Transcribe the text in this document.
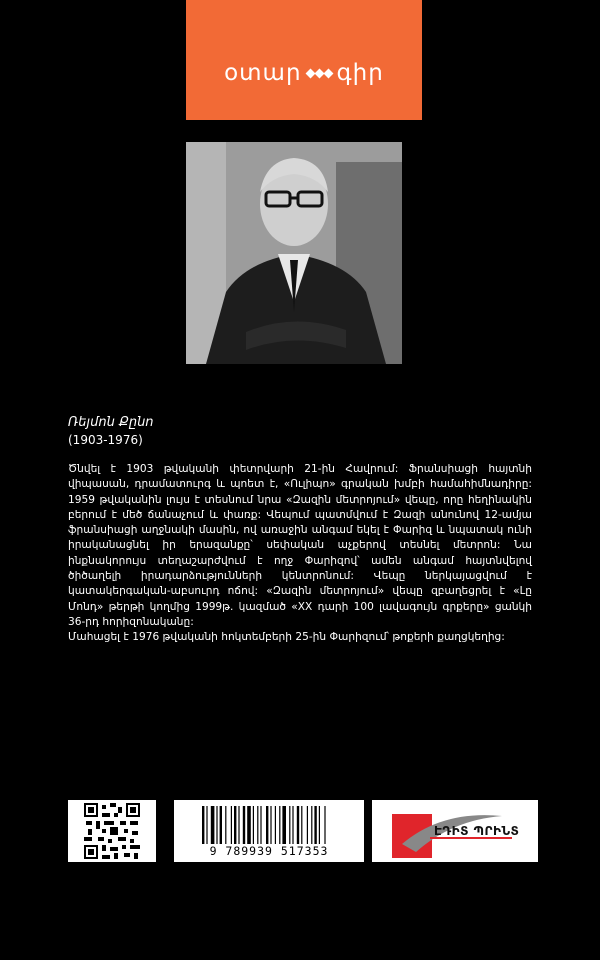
օտար գիր
Ռեյմոն Քընո
(1903-1976)

Ծնվել է 1903 թվականի փետրվարի 21-ին Հավրում: Ֆրանսիացի հայտնի վիպասան, դրամատուրգ և պոետ է, «Ուլիպո» գրական խմբի համահիմնադիրը: 1959 թվականին լույս է տեսնում նրա «Զազին մետրոյում» վեպը, որը հեղինակին բերում է մեծ ճանաչում և փառք: Վեպում պատմվում է Զազի անունով 12-ամյա ֆրանսիացի աղջնակի մասին, ով առաջին անգամ եկել է Փարիզ և նպատակ ունի իրականացնել իր երազանքը՝ սեփական աչքերով տեսնել մետրոն: Նա ինքնակորույս տեղաշարժվում է ողջ Փարիզով՝ ամեն անգամ հայտնվելով ծիծաղելի իրադարձությունների կենտրոնում: Վեպը ներկայացվում է կատակերգական-աբսուրդ ոճով: «Զազին մետրոյում» վեպը զբաղեցրել է «Լը Մոնդ» թերթի կողմից 1999թ. կազմած «XX դարի 100 լավագույն գրքերը» ցանկի 36-րդ հորիզոնականը:

Մահացել է 1976 թվականի հոկտեմբերի 25-ին Փարիզում՝ թոքերի քաղցկեղից:

9 789939 517353
ԷԴԻՏ ՊՐԻՆՏ
